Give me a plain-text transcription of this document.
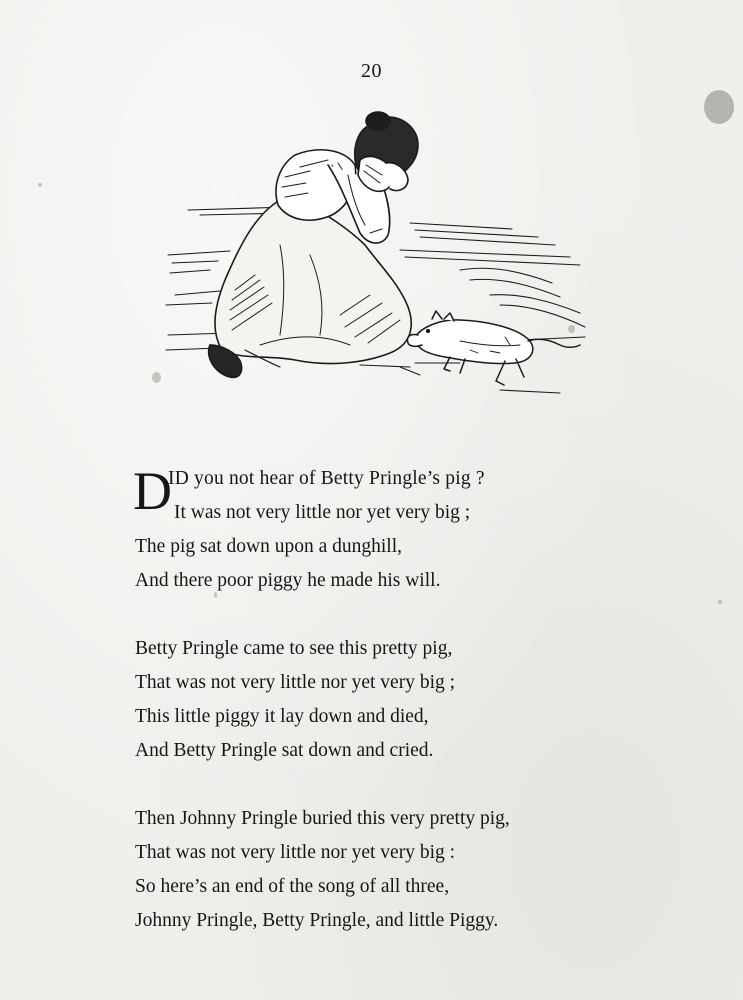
20

D
ID you not hear of Betty Pringle’s pig ?
It was not very little nor yet very big ;
The pig sat down upon a dunghill,
And there poor piggy he made his will.

Betty Pringle came to see this pretty pig,
That was not very little nor yet very big ;
This little piggy it lay down and died,
And Betty Pringle sat down and cried.

Then Johnny Pringle buried this very pretty pig,
That was not very little nor yet very big :
So here’s an end of the song of all three,
Johnny Pringle, Betty Pringle, and little Piggy.
